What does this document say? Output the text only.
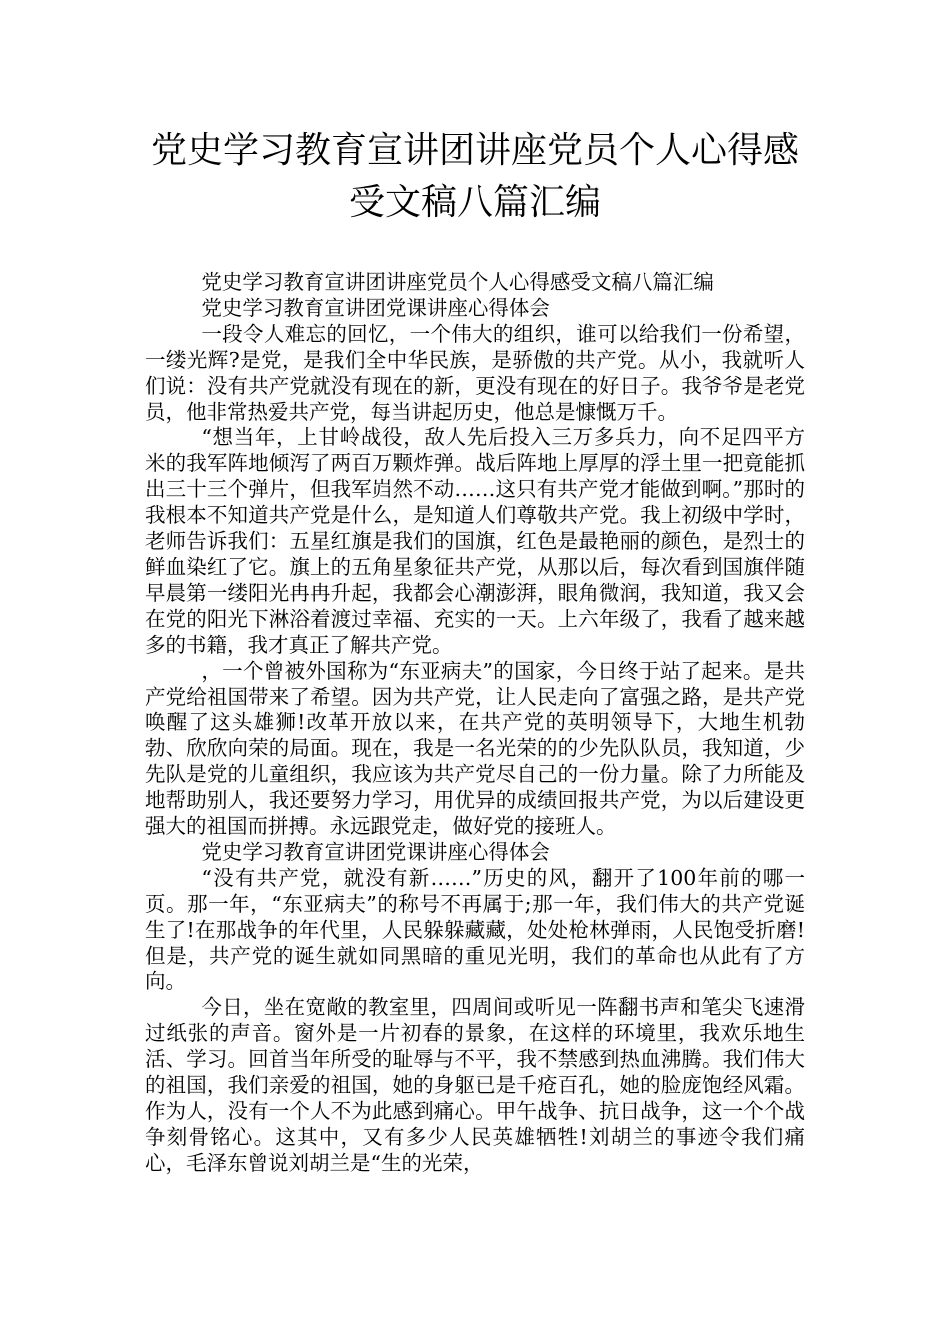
党史学习教育宣讲团讲座党员个人心得感
受文稿八篇汇编

党史学习教育宣讲团讲座党员个人心得感受文稿八篇汇编

党史学习教育宣讲团党课讲座心得体会

一段令人难忘的回忆，一个伟大的组织，谁可以给我们一份希望，一缕光辉?是党，是我们全中华民族，是骄傲的共产党。从小，我就听人们说：没有共产党就没有现在的新，更没有现在的好日子。我爷爷是老党员，他非常热爱共产党，每当讲起历史，他总是慷慨万千。

“想当年，上甘岭战役，敌人先后投入三万多兵力，向不足四平方米的我军阵地倾泻了两百万颗炸弹。战后阵地上厚厚的浮土里一把竟能抓出三十三个弹片，但我军岿然不动……这只有共产党才能做到啊。”那时的我根本不知道共产党是什么，是知道人们尊敬共产党。我上初级中学时，老师告诉我们：五星红旗是我们的国旗，红色是最艳丽的颜色，是烈士的鲜血染红了它。旗上的五角星象征共产党，从那以后，每次看到国旗伴随早晨第一缕阳光冉冉升起，我都会心潮澎湃，眼角微润，我知道，我又会在党的阳光下淋浴着渡过幸福、充实的一天。上六年级了，我看了越来越多的书籍，我才真正了解共产党。

，一个曾被外国称为“东亚病夫”的国家，今日终于站了起来。是共产党给祖国带来了希望。因为共产党，让人民走向了富强之路，是共产党唤醒了这头雄狮!改革开放以来，在共产党的英明领导下，大地生机勃勃、欣欣向荣的局面。现在，我是一名光荣的的少先队队员，我知道，少先队是党的儿童组织，我应该为共产党尽自己的一份力量。除了力所能及地帮助别人，我还要努力学习，用优异的成绩回报共产党，为以后建设更强大的祖国而拼搏。永远跟党走，做好党的接班人。

党史学习教育宣讲团党课讲座心得体会

“没有共产党，就没有新……”历史的风，翻开了100年前的哪一页。那一年，“东亚病夫”的称号不再属于;那一年，我们伟大的共产党诞生了!在那战争的年代里，人民躲躲藏藏，处处枪林弹雨，人民饱受折磨!但是，共产党的诞生就如同黑暗的重见光明，我们的革命也从此有了方向。

今日，坐在宽敞的教室里，四周间或听见一阵翻书声和笔尖飞速滑过纸张的声音。窗外是一片初春的景象，在这样的环境里，我欢乐地生活、学习。回首当年所受的耻辱与不平，我不禁感到热血沸腾。我们伟大的祖国，我们亲爱的祖国，她的身躯已是千疮百孔，她的脸庞饱经风霜。作为人，没有一个人不为此感到痛心。甲午战争、抗日战争，这一个个战争刻骨铭心。这其中，又有多少人民英雄牺牲!刘胡兰的事迹令我们痛心，毛泽东曾说刘胡兰是“生的光荣，
